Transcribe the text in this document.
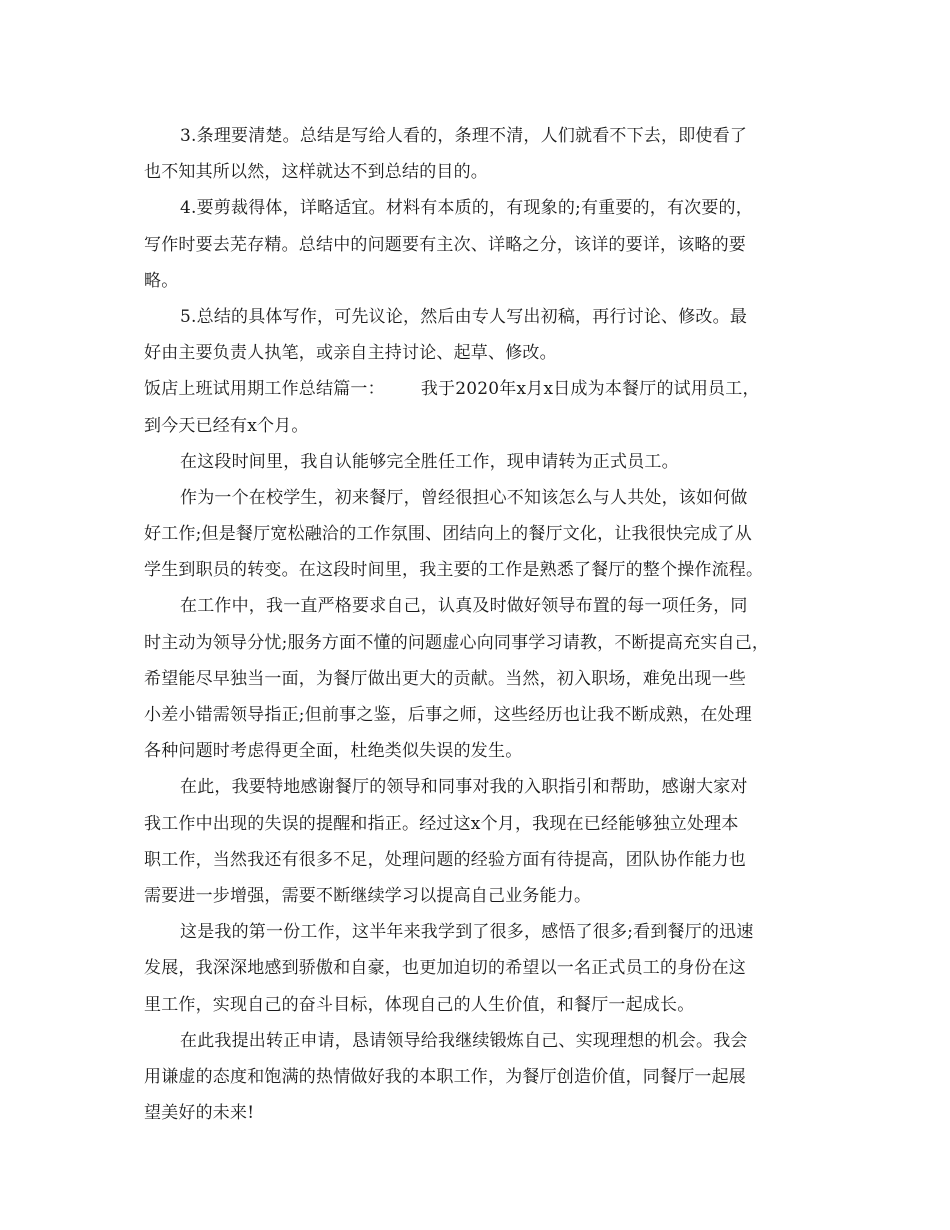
3.条理要清楚。总结是写给人看的，条理不清，人们就看不下去，即使看了
也不知其所以然，这样就达不到总结的目的。
4.要剪裁得体，详略适宜。材料有本质的，有现象的;有重要的，有次要的，
写作时要去芜存精。总结中的问题要有主次、详略之分，该详的要详，该略的要
略。
5.总结的具体写作，可先议论，然后由专人写出初稿，再行讨论、修改。最
好由主要负责人执笔，或亲自主持讨论、起草、修改。
饭店上班试用期工作总结篇一： 我于2020年x月x日成为本餐厅的试用员工，
到今天已经有x个月。
在这段时间里，我自认能够完全胜任工作，现申请转为正式员工。
作为一个在校学生，初来餐厅，曾经很担心不知该怎么与人共处，该如何做
好工作;但是餐厅宽松融洽的工作氛围、团结向上的餐厅文化，让我很快完成了从
学生到职员的转变。在这段时间里，我主要的工作是熟悉了餐厅的整个操作流程。
在工作中，我一直严格要求自己，认真及时做好领导布置的每一项任务，同
时主动为领导分忧;服务方面不懂的问题虚心向同事学习请教，不断提高充实自己，
希望能尽早独当一面，为餐厅做出更大的贡献。当然，初入职场，难免出现一些
小差小错需领导指正;但前事之鉴，后事之师，这些经历也让我不断成熟，在处理
各种问题时考虑得更全面，杜绝类似失误的发生。
在此，我要特地感谢餐厅的领导和同事对我的入职指引和帮助，感谢大家对
我工作中出现的失误的提醒和指正。经过这x个月，我现在已经能够独立处理本
职工作，当然我还有很多不足，处理问题的经验方面有待提高，团队协作能力也
需要进一步增强，需要不断继续学习以提高自己业务能力。
这是我的第一份工作，这半年来我学到了很多，感悟了很多;看到餐厅的迅速
发展，我深深地感到骄傲和自豪，也更加迫切的希望以一名正式员工的身份在这
里工作，实现自己的奋斗目标，体现自己的人生价值，和餐厅一起成长。
在此我提出转正申请，恳请领导给我继续锻炼自己、实现理想的机会。我会
用谦虚的态度和饱满的热情做好我的本职工作，为餐厅创造价值，同餐厅一起展
望美好的未来!
